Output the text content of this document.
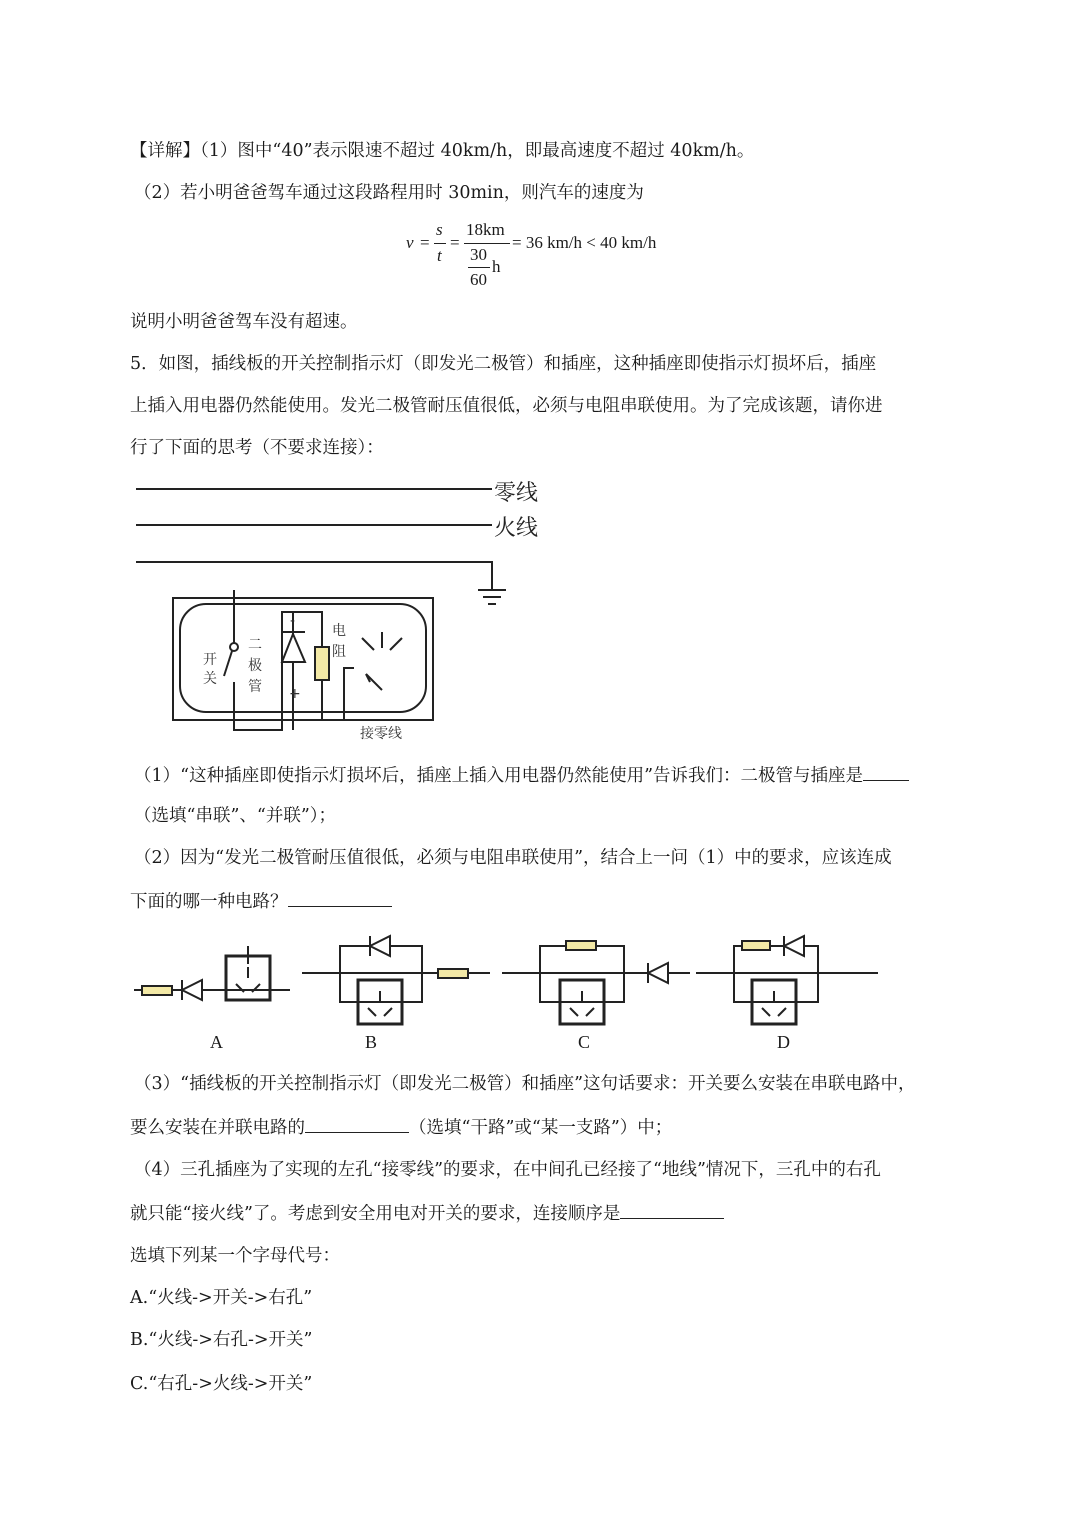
【详解】（1）图中“40”表示限速不超过 40km/h，即最高速度不超过 40km/h。
（2）若小明爸爸驾车通过这段路程用时 30min，则汽车的速度为
v =
s
t
=
18km
30
60
h
= 36 km/h < 40 km/h
说明小明爸爸驾车没有超速。
5．如图，插线板的开关控制指示灯（即发光二极管）和插座，这种插座即使指示灯损坏后，插座
上插入用电器仍然能使用。发光二极管耐压值很低，必须与电阻串联使用。为了完成该题，请你进
行了下面的思考（不要求连接）：
零线
火线
开
关
二
极
管
-
+
电
阻
接零线
（1）“这种插座即使指示灯损坏后，插座上插入用电器仍然能使用”告诉我们：二极管与插座是
（选填“串联”、“并联”）；
（2）因为“发光二极管耐压值很低，必须与电阻串联使用”，结合上一问（1）中的要求，应该连成
下面的哪一种电路？
A	B	C	D
（3）“插线板的开关控制指示灯（即发光二极管）和插座”这句话要求：开关要么安装在串联电路中，
要么安装在并联电路的	（选填“干路”或“某一支路”）中；
（4）三孔插座为了实现的左孔“接零线”的要求，在中间孔已经接了“地线”情况下，三孔中的右孔
就只能“接火线”了。考虑到安全用电对开关的要求，连接顺序是
选填下列某一个字母代号：
A.“火线->开关->右孔”
B.“火线->右孔->开关”
C.“右孔->火线->开关”
